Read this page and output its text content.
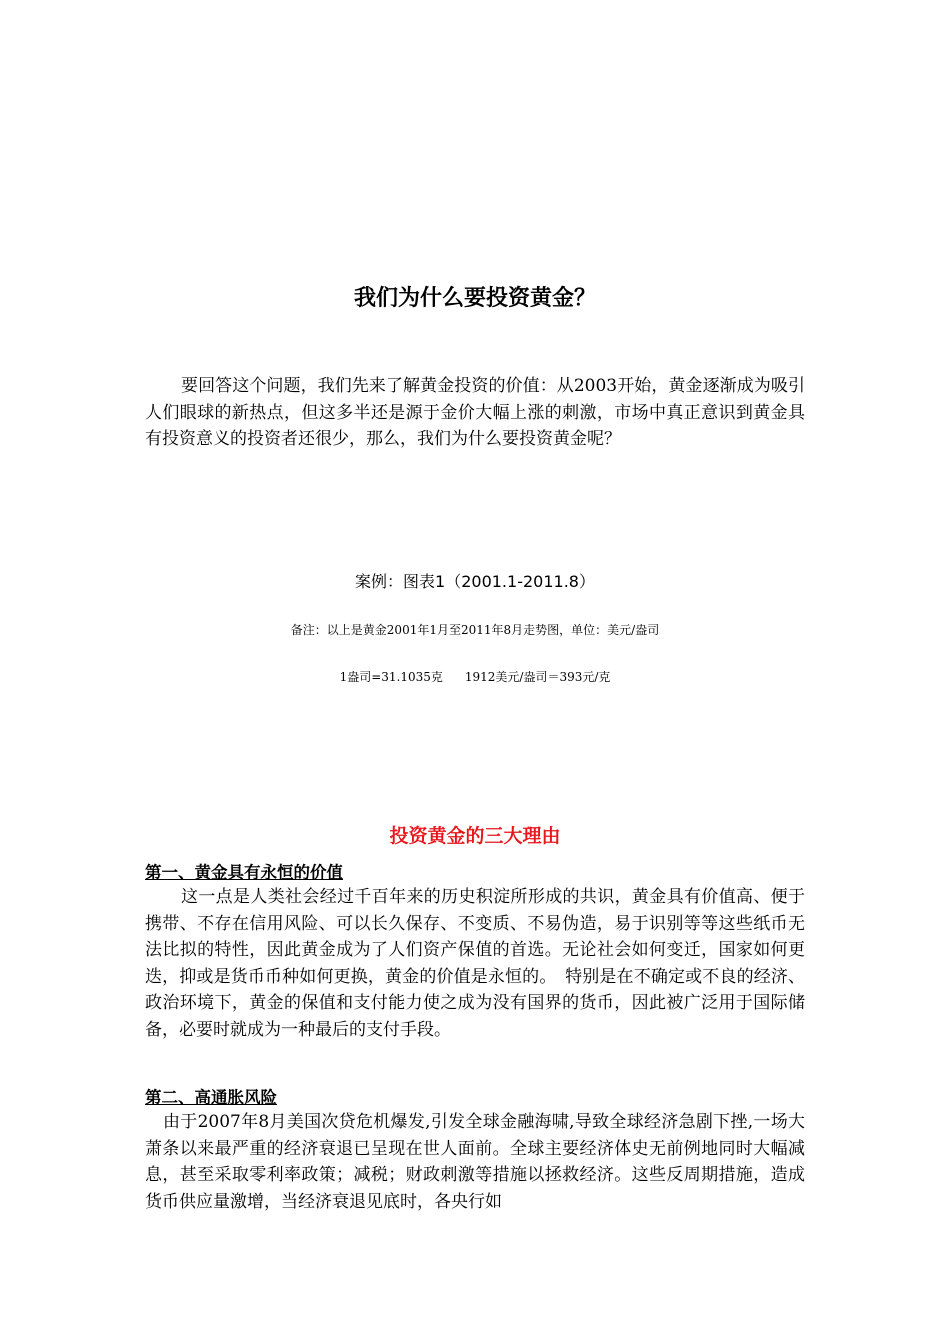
我们为什么要投资黄金？

要回答这个问题，我们先来了解黄金投资的价值：从2003开始，黄金逐渐成为吸引人们眼球的新热点，但这多半还是源于金价大幅上涨的刺激，市场中真正意识到黄金具有投资意义的投资者还很少，那么，我们为什么要投资黄金呢？

案例：图表1（2001.1-2011.8）
备注：以上是黄金2001年1月至2011年8月走势图，单位：美元/盎司
1盎司=31.1035克 1912美元/盎司＝393元/克
投资黄金的三大理由
第一、黄金具有永恒的价值

这一点是人类社会经过千百年来的历史积淀所形成的共识，黄金具有价值高、便于携带、不存在信用风险、可以长久保存、不变质、不易伪造，易于识别等等这些纸币无法比拟的特性，因此黄金成为了人们资产保值的首选。无论社会如何变迁，国家如何更迭，抑或是货币币种如何更换，黄金的价值是永恒的。　特别是在不确定或不良的经济、政治环境下，黄金的保值和支付能力使之成为没有国界的货币，因此被广泛用于国际储备，必要时就成为一种最后的支付手段。

第二、高通胀风险

由于2007年8月美国次贷危机爆发,引发全球金融海啸,导致全球经济急剧下挫,一场大萧条以来最严重的经济衰退已呈现在世人面前。全球主要经济体史无前例地同时大幅减息，甚至采取零利率政策；减税；财政刺激等措施以拯救经济。这些反周期措施，造成货币供应量激增，当经济衰退见底时，各央行如
